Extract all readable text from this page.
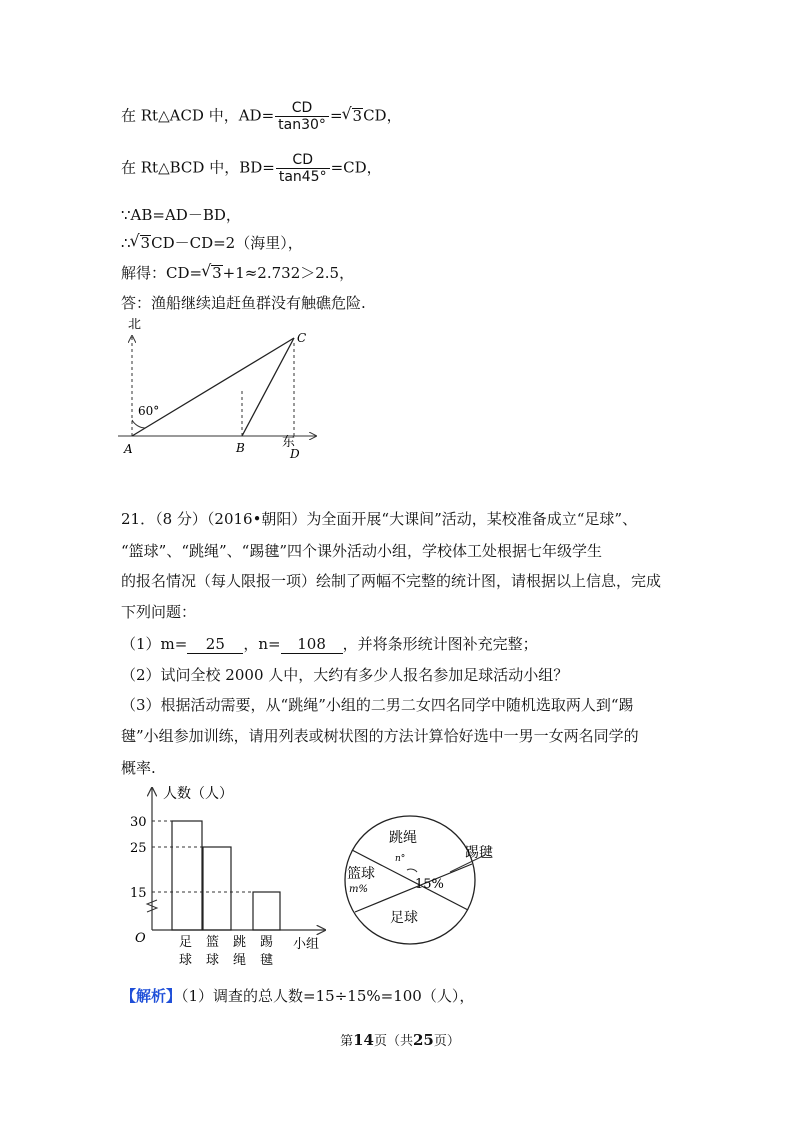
在 Rt△ACD 中，$AD= \frac{CD}{\tan 30^\circ}$ = √ 3CD，
在 Rt△BCD 中，$BD= \frac{CD}{\tan 45^\circ} =CD$，
∵AB=AD－BD，
∴ √ 3CD－CD=2（海里），
解得：CD= √ 3+1≈2.732＞2.5，
答：渔船继续追赶鱼群没有触礁危险.
北
60°
A	B
C
东
D
21．（8 分）（2016•朝阳）为全面开展“大课间”活动，某校准备成立“足球”、
“篮球”、“跳绳”、“踢毽”四个课外活动小组，学校体工处根据七年级学生
的报名情况（每人限报一项）绘制了两幅不完整的统计图，请根据以上信息，完成
下列问题：
（1）m= 25 ，n= 108 ，并将条形统计图补充完整；
（2）试问全校 2000 人中，大约有多少人报名参加足球活动小组？
（3）根据活动需要，从“跳绳”小组的二男二女四名同学中随机选取两人到“踢
毽”小组参加训练，请用列表或树状图的方法计算恰好选中一男一女两名同学的
概率.
人数（人）
30
25
15
O	足
球
篮
球
跳
绳
踢
毽
小组
跳绳
n°
篮球
m%	15%
足球
踢毽
【解析】（1）调查的总人数=15÷15%=100（人），
第14页（共25页）
